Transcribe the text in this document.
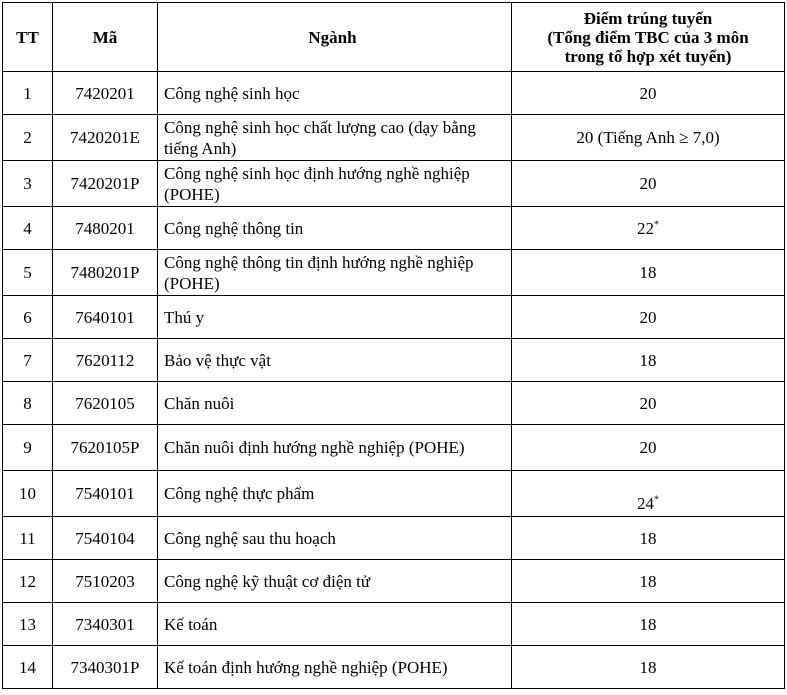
TT	Mã	Ngành	Điểm trúng tuyển
(Tổng điểm TBC của 3 môn
trong tổ hợp xét tuyển)

1	7420201	Công nghệ sinh học	20
2	7420201E	Công nghệ sinh học chất lượng cao (dạy bằng tiếng Anh)	20 (Tiếng Anh ≥ 7,0)
3	7420201P	Công nghệ sinh học định hướng nghề nghiệp (POHE)	20
4	7480201	Công nghệ thông tin	22*
5	7480201P	Công nghệ thông tin định hướng nghề nghiệp (POHE)	18
6	7640101	Thú y	20
7	7620112	Bảo vệ thực vật	18
8	7620105	Chăn nuôi	20
9	7620105P	Chăn nuôi định hướng nghề nghiệp (POHE)	20
10	7540101	Công nghệ thực phẩm	24*
11	7540104	Công nghệ sau thu hoạch	18
12	7510203	Công nghệ kỹ thuật cơ điện tử	18
13	7340301	Kế toán	18
14	7340301P	Kế toán định hướng nghề nghiệp (POHE)	18
